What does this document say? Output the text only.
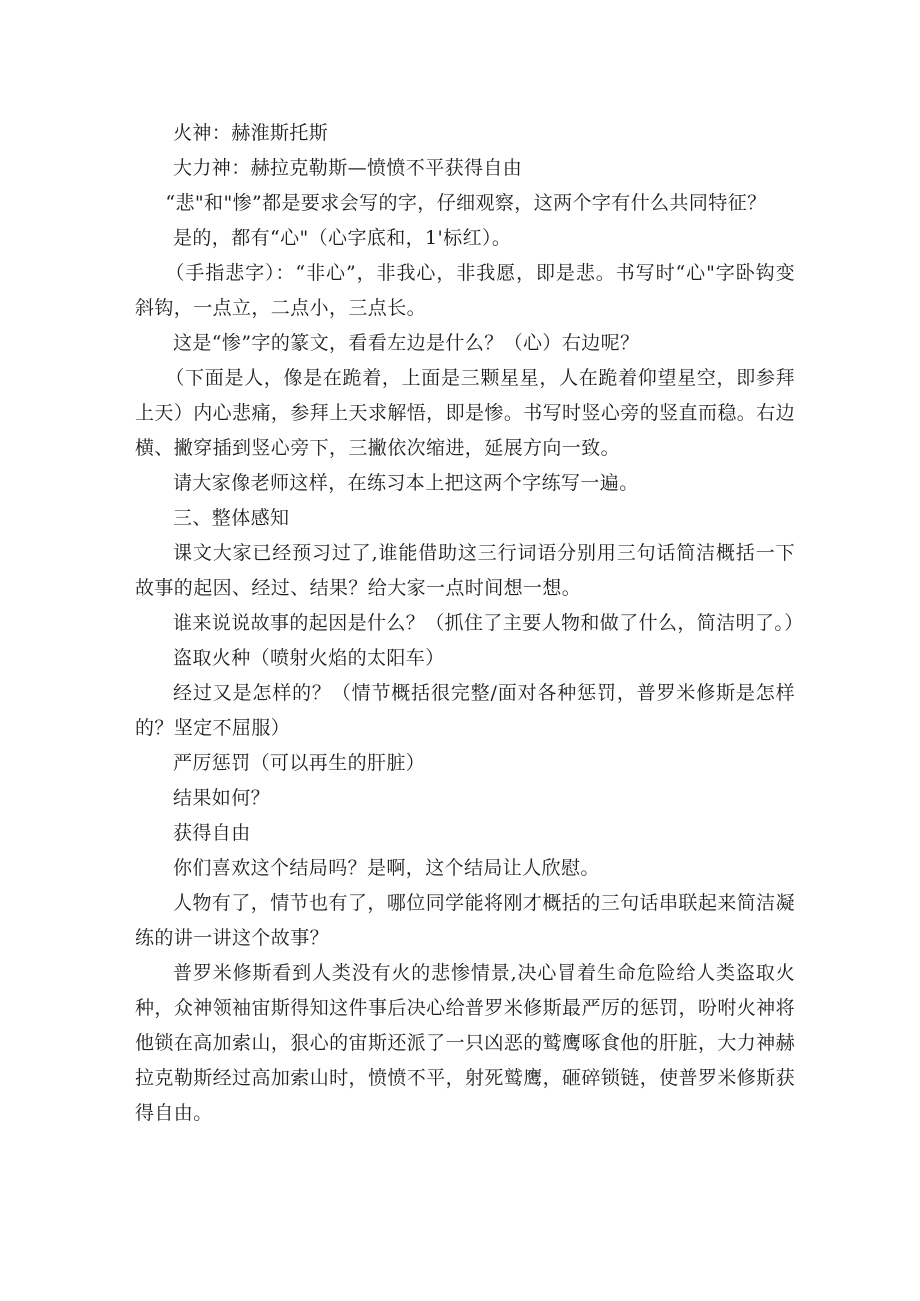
火神：赫淮斯托斯

大力神：赫拉克勒斯—愤愤不平获得自由

“悲"和"惨”都是要求会写的字，仔细观察，这两个字有什么共同特征？

是的，都有“心"（心字底和，1'标红）。

（手指悲字）：“非心”，非我心，非我愿，即是悲。书写时“心"字卧钩变斜钩，一点立，二点小，三点长。

这是“惨”字的篆文，看看左边是什么？（心）右边呢？

（下面是人，像是在跪着，上面是三颗星星，人在跪着仰望星空，即参拜上天）内心悲痛，参拜上天求解悟，即是惨。书写时竖心旁的竖直而稳。右边横、撇穿插到竖心旁下，三撇依次缩进，延展方向一致。

请大家像老师这样，在练习本上把这两个字练写一遍。

三、整体感知

课文大家已经预习过了,谁能借助这三行词语分别用三句话简洁概括一下故事的起因、经过、结果？给大家一点时间想一想。

谁来说说故事的起因是什么？（抓住了主要人物和做了什么，简洁明了。）

盗取火种（喷射火焰的太阳车）

经过又是怎样的？（情节概括很完整/面对各种惩罚，普罗米修斯是怎样的？坚定不屈服）

严厉惩罚（可以再生的肝脏）

结果如何？

获得自由

你们喜欢这个结局吗？是啊，这个结局让人欣慰。

人物有了，情节也有了，哪位同学能将刚才概括的三句话串联起来简洁凝练的讲一讲这个故事？

普罗米修斯看到人类没有火的悲惨情景,决心冒着生命危险给人类盗取火种，众神领袖宙斯得知这件事后决心给普罗米修斯最严厉的惩罚，吩咐火神将他锁在高加索山，狠心的宙斯还派了一只凶恶的鹫鹰啄食他的肝脏，大力神赫拉克勒斯经过高加索山时，愤愤不平，射死鹫鹰，砸碎锁链，使普罗米修斯获得自由。
